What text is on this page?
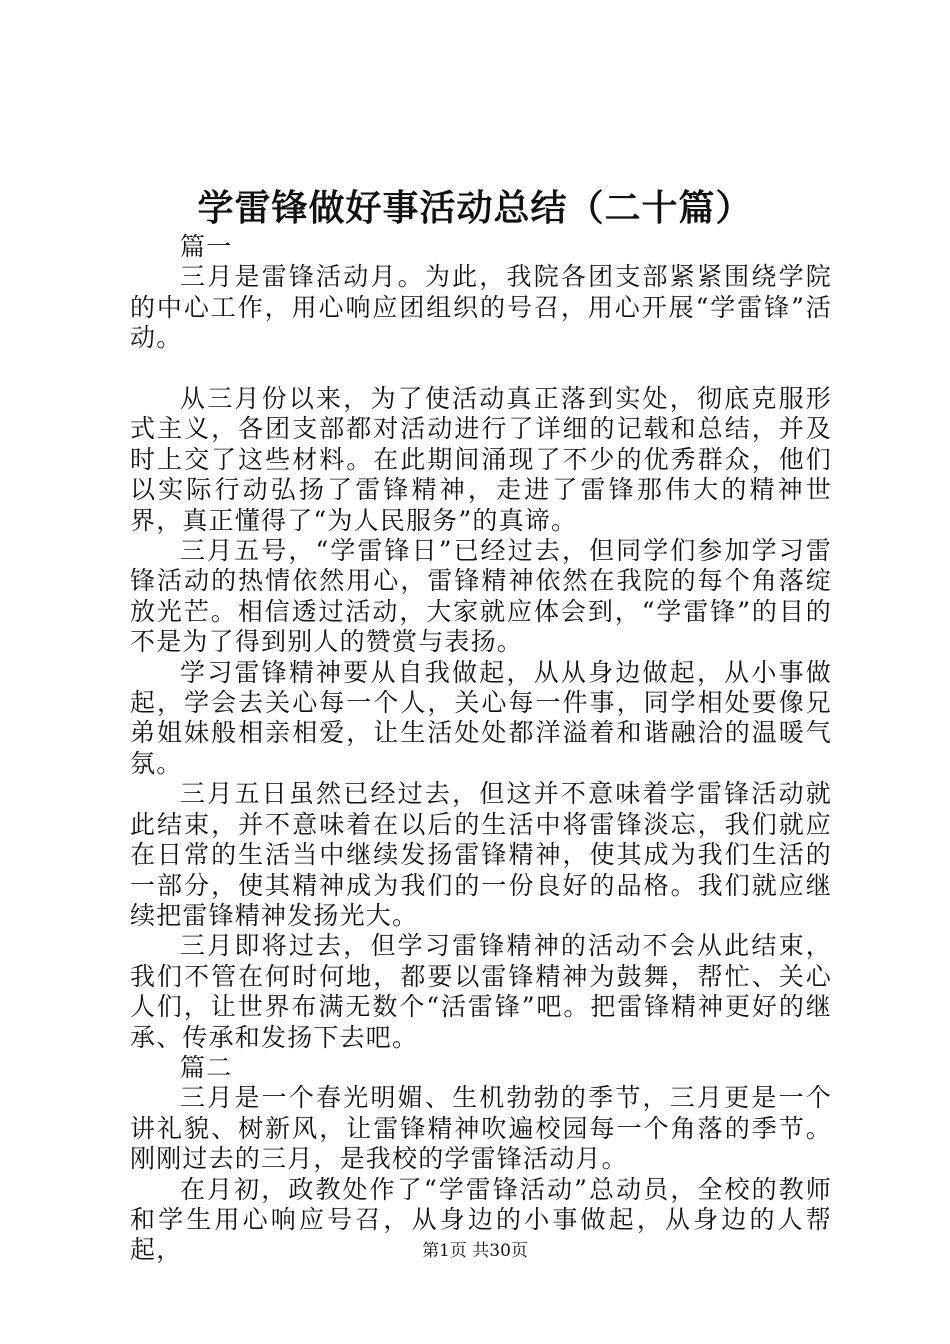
学雷锋做好事活动总结（二十篇）

篇一

三月是雷锋活动月。为此，我院各团支部紧紧围绕学院的中心工作，用心响应团组织的号召，用心开展“学雷锋”活动。

从三月份以来，为了使活动真正落到实处，彻底克服形式主义，各团支部都对活动进行了详细的记载和总结，并及时上交了这些材料。在此期间涌现了不少的优秀群众，他们以实际行动弘扬了雷锋精神，走进了雷锋那伟大的精神世界，真正懂得了“为人民服务”的真谛。

三月五号，“学雷锋日”已经过去，但同学们参加学习雷锋活动的热情依然用心，雷锋精神依然在我院的每个角落绽放光芒。相信透过活动，大家就应体会到，“学雷锋”的目的不是为了得到别人的赞赏与表扬。

学习雷锋精神要从自我做起，从从身边做起，从小事做起，学会去关心每一个人，关心每一件事，同学相处要像兄弟姐妹般相亲相爱，让生活处处都洋溢着和谐融洽的温暖气氛。

三月五日虽然已经过去，但这并不意味着学雷锋活动就此结束，并不意味着在以后的生活中将雷锋淡忘，我们就应在日常的生活当中继续发扬雷锋精神，使其成为我们生活的一部分，使其精神成为我们的一份良好的品格。我们就应继续把雷锋精神发扬光大。

三月即将过去，但学习雷锋精神的活动不会从此结束，我们不管在何时何地，都要以雷锋精神为鼓舞，帮忙、关心人们，让世界布满无数个“活雷锋”吧。把雷锋精神更好的继承、传承和发扬下去吧。

篇二

三月是一个春光明媚、生机勃勃的季节，三月更是一个讲礼貌、树新风，让雷锋精神吹遍校园每一个角落的季节。刚刚过去的三月，是我校的学雷锋活动月。

在月初，政教处作了“学雷锋活动”总动员，全校的教师和学生用心响应号召，从身边的小事做起，从身边的人帮起，	第1页 共30页
